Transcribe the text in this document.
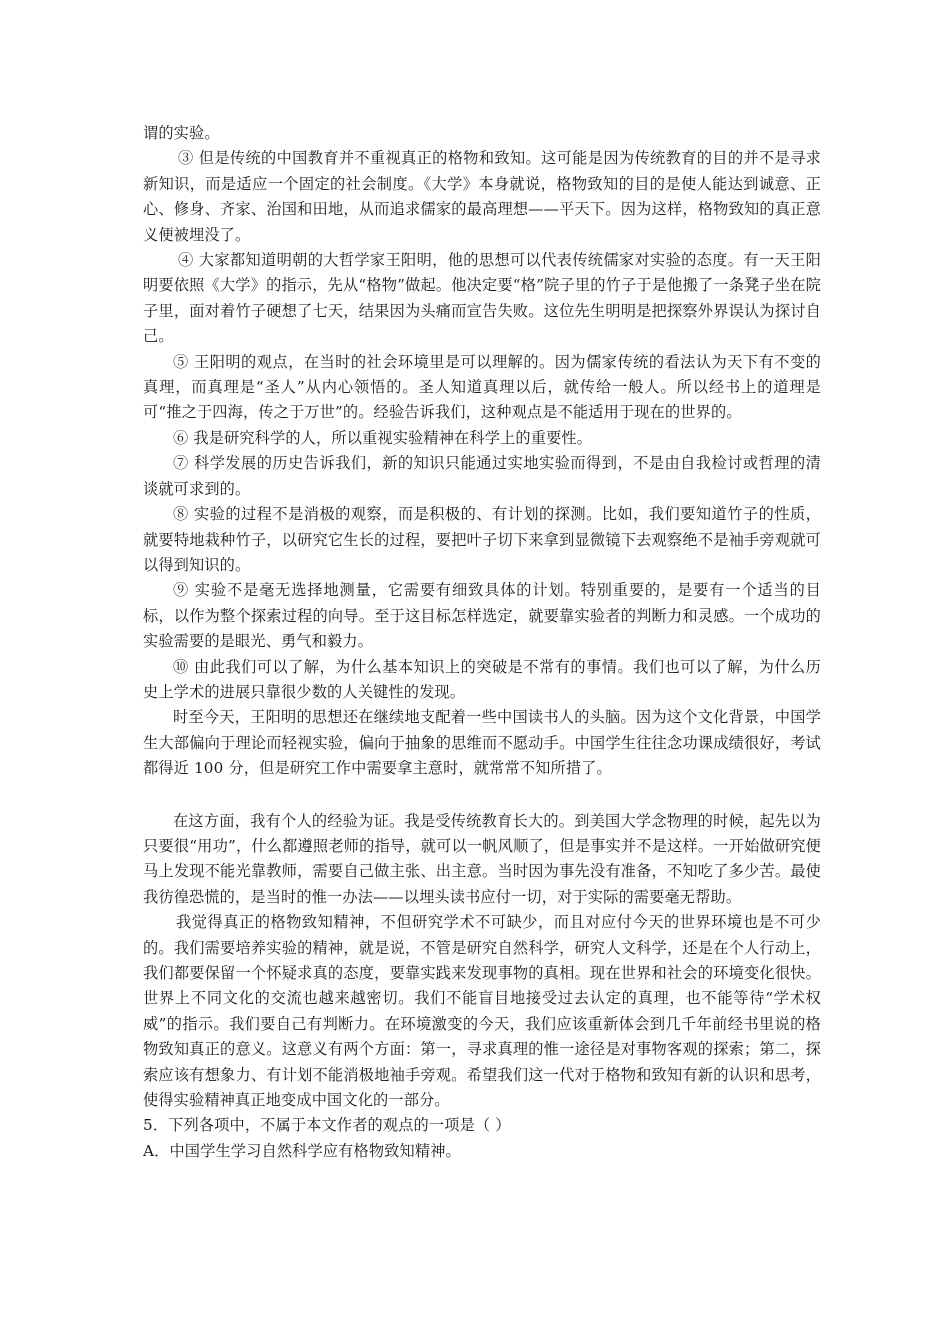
谓的实验。

③ 但是传统的中国教育并不重视真正的格物和致知。这可能是因为传统教育的目的并不是寻求新知识，而是适应一个固定的社会制度。《大学》本身就说，格物致知的目的是使人能达到诚意、正心、修身、齐家、治国和田地，从而追求儒家的最高理想——平天下。因为这样，格物致知的真正意义便被埋没了。

④ 大家都知道明朝的大哲学家王阳明，他的思想可以代表传统儒家对实验的态度。有一天王阳明要依照《大学》的指示，先从“格物”做起。他决定要“格”院子里的竹子于是他搬了一条凳子坐在院子里，面对着竹子硬想了七天，结果因为头痛而宣告失败。这位先生明明是把探察外界误认为探讨自己。

⑤ 王阳明的观点，在当时的社会环境里是可以理解的。因为儒家传统的看法认为天下有不变的真理，而真理是“圣人”从内心领悟的。圣人知道真理以后，就传给一般人。所以经书上的道理是可“推之于四海，传之于万世”的。经验告诉我们，这种观点是不能适用于现在的世界的。

⑥ 我是研究科学的人，所以重视实验精神在科学上的重要性。

⑦ 科学发展的历史告诉我们，新的知识只能通过实地实验而得到，不是由自我检讨或哲理的清谈就可求到的。

⑧ 实验的过程不是消极的观察，而是积极的、有计划的探测。比如，我们要知道竹子的性质，就要特地栽种竹子，以研究它生长的过程，要把叶子切下来拿到显微镜下去观察绝不是袖手旁观就可以得到知识的。

⑨ 实验不是毫无选择地测量，它需要有细致具体的计划。特别重要的，是要有一个适当的目标，以作为整个探索过程的向导。至于这目标怎样选定，就要靠实验者的判断力和灵感。一个成功的实验需要的是眼光、勇气和毅力。

⑩ 由此我们可以了解，为什么基本知识上的突破是不常有的事情。我们也可以了解，为什么历史上学术的进展只靠很少数的人关键性的发现。

时至今天，王阳明的思想还在继续地支配着一些中国读书人的头脑。因为这个文化背景，中国学生大部偏向于理论而轻视实验，偏向于抽象的思维而不愿动手。中国学生往往念功课成绩很好，考试都得近 100 分，但是研究工作中需要拿主意时，就常常不知所措了。

在这方面，我有个人的经验为证。我是受传统教育长大的。到美国大学念物理的时候，起先以为只要很“用功”，什么都遵照老师的指导，就可以一帆风顺了，但是事实并不是这样。一开始做研究便马上发现不能光靠教师，需要自己做主张、出主意。当时因为事先没有准备，不知吃了多少苦。最使我彷徨恐慌的，是当时的惟一办法——以埋头读书应付一切，对于实际的需要毫无帮助。

我觉得真正的格物致知精神，不但研究学术不可缺少，而且对应付今天的世界环境也是不可少的。我们需要培养实验的精神，就是说，不管是研究自然科学，研究人文科学，还是在个人行动上，我们都要保留一个怀疑求真的态度，要靠实践来发现事物的真相。现在世界和社会的环境变化很快。世界上不同文化的交流也越来越密切。我们不能盲目地接受过去认定的真理，也不能等待“学术权威”的指示。我们要自己有判断力。在环境激变的今天，我们应该重新体会到几千年前经书里说的格物致知真正的意义。这意义有两个方面：第一，寻求真理的惟一途径是对事物客观的探索；第二，探索应该有想象力、有计划不能消极地袖手旁观。希望我们这一代对于格物和致知有新的认识和思考，使得实验精神真正地变成中国文化的一部分。

5．下列各项中，不属于本文作者的观点的一项是（ ）

A．中国学生学习自然科学应有格物致知精神。
